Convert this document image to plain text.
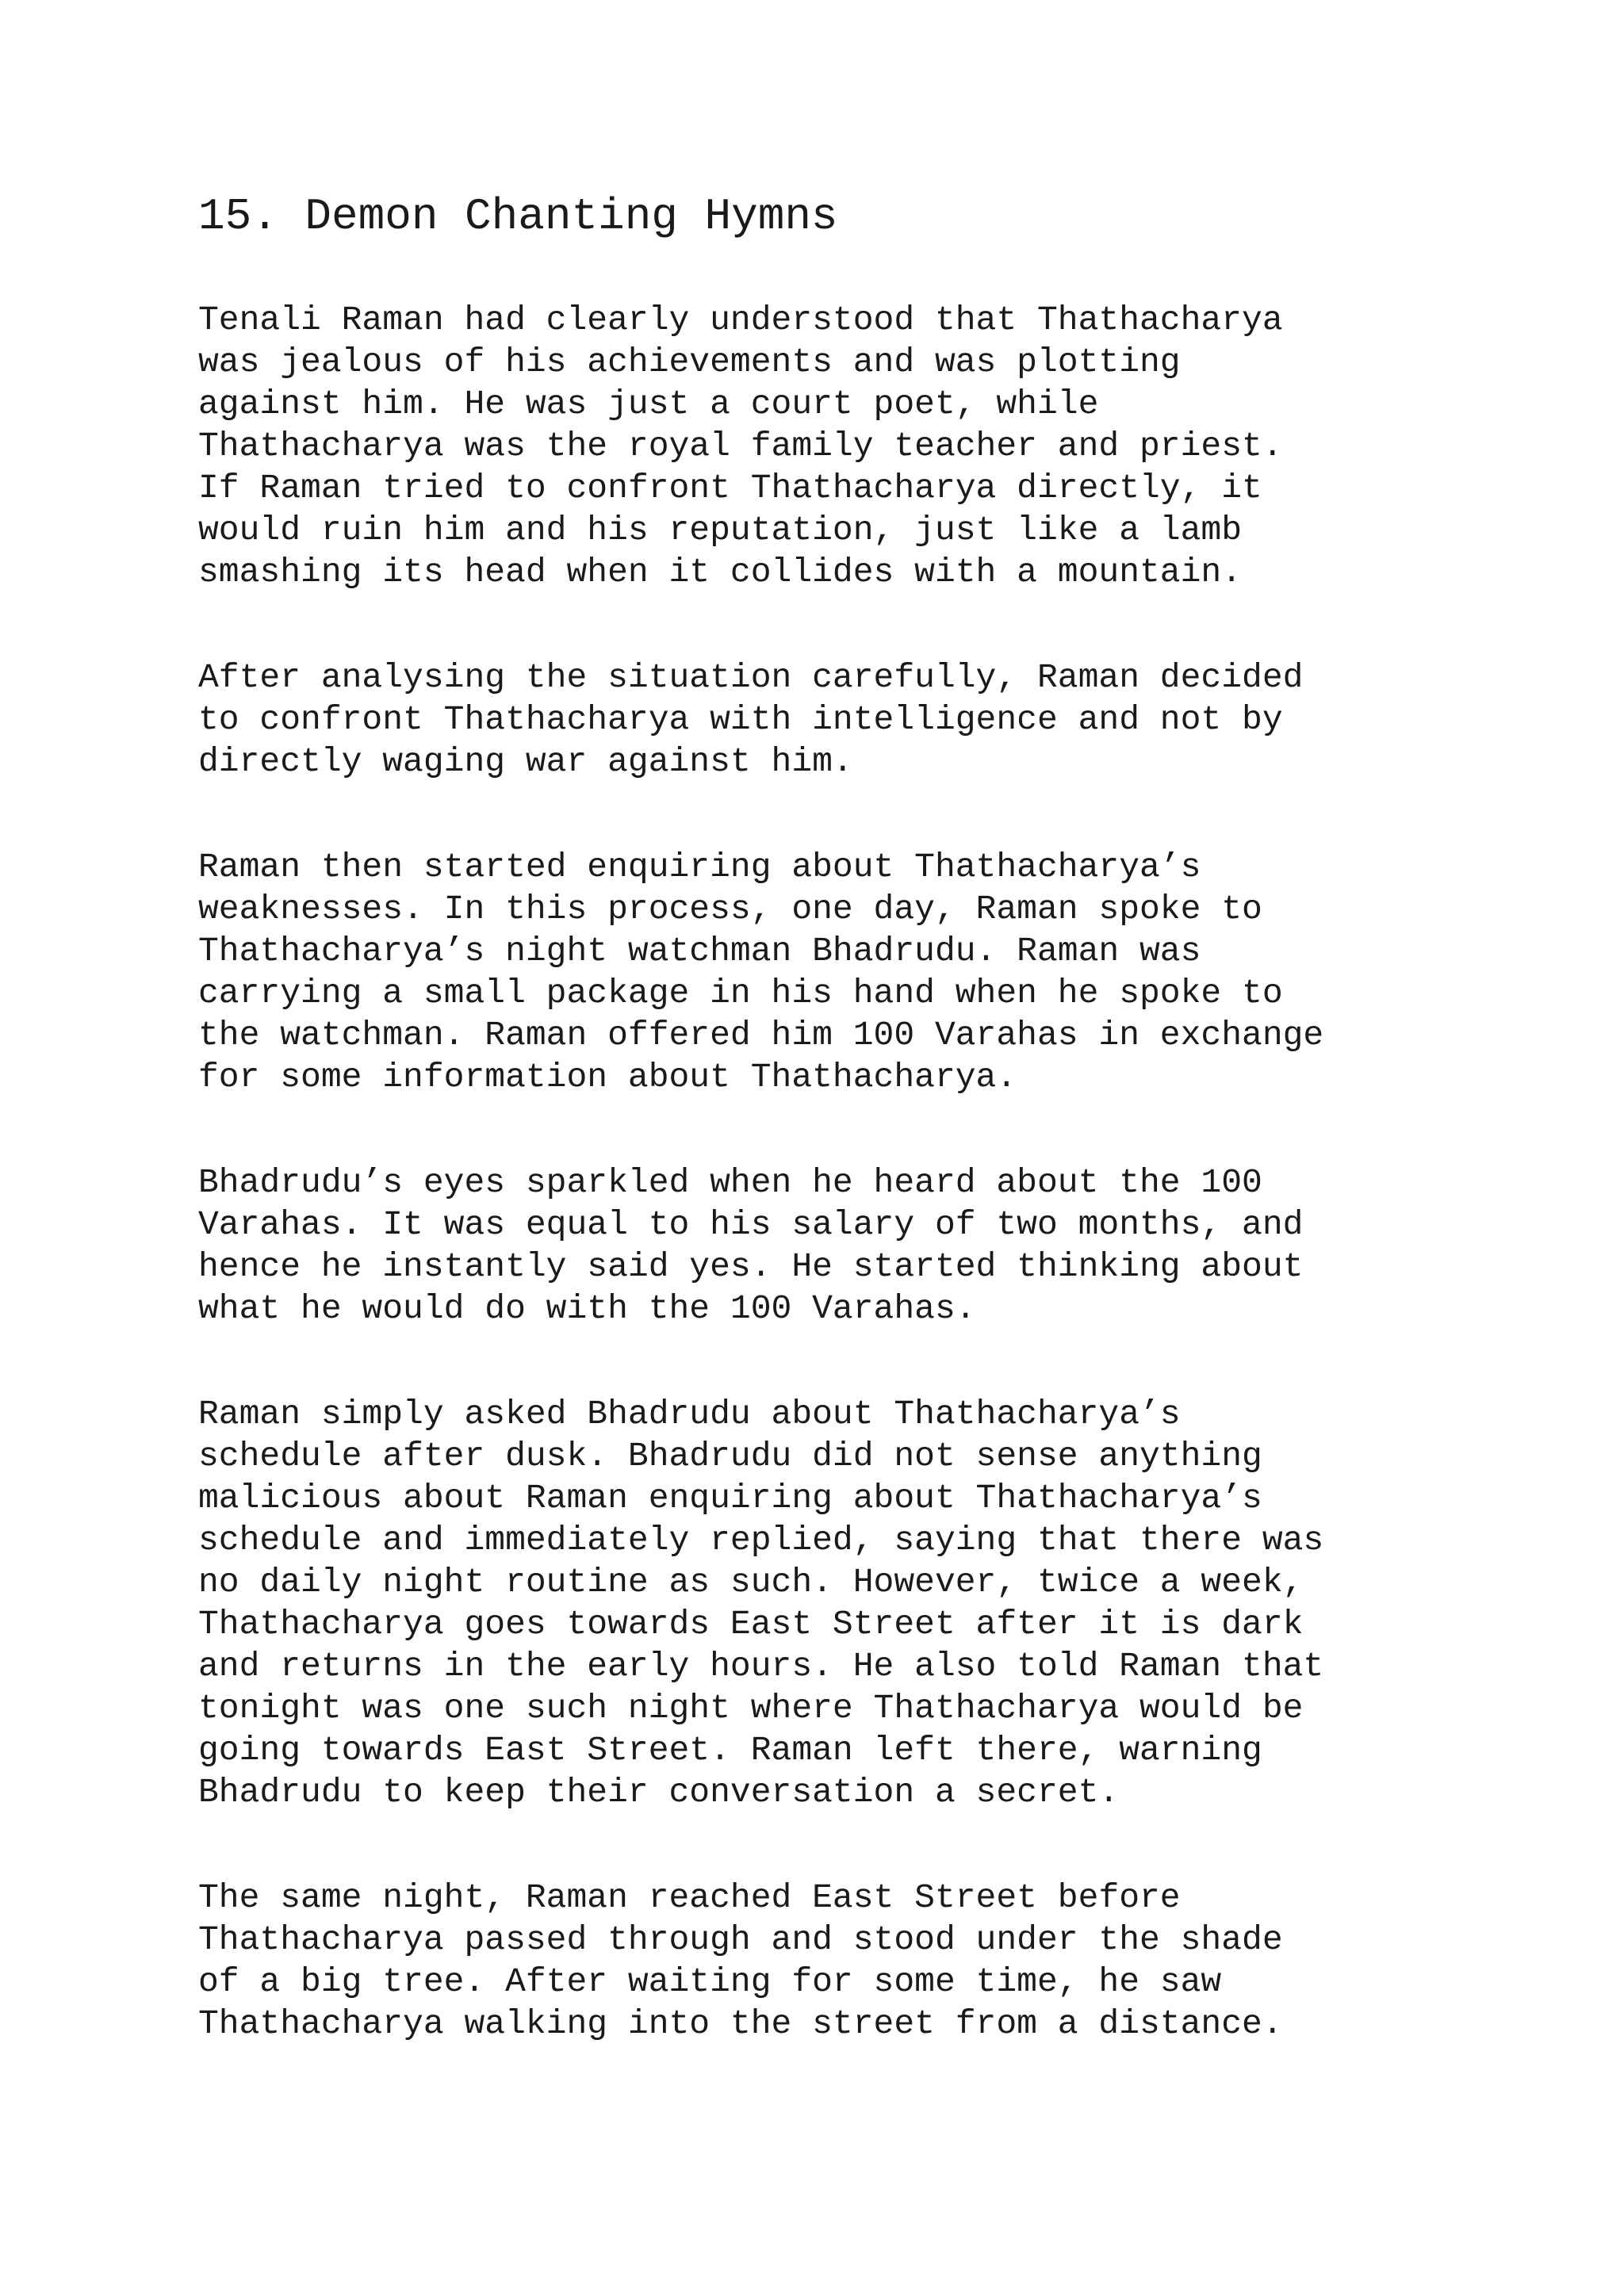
15. Demon Chanting Hymns

Tenali Raman had clearly understood that Thathacharya
was jealous of his achievements and was plotting
against him. He was just a court poet, while
Thathacharya was the royal family teacher and priest.
If Raman tried to confront Thathacharya directly, it
would ruin him and his reputation, just like a lamb
smashing its head when it collides with a mountain.

After analysing the situation carefully, Raman decided
to confront Thathacharya with intelligence and not by
directly waging war against him.

Raman then started enquiring about Thathacharya’s
weaknesses. In this process, one day, Raman spoke to
Thathacharya’s night watchman Bhadrudu. Raman was
carrying a small package in his hand when he spoke to
the watchman. Raman offered him 100 Varahas in exchange
for some information about Thathacharya.

Bhadrudu’s eyes sparkled when he heard about the 100
Varahas. It was equal to his salary of two months, and
hence he instantly said yes. He started thinking about
what he would do with the 100 Varahas.

Raman simply asked Bhadrudu about Thathacharya’s
schedule after dusk. Bhadrudu did not sense anything
malicious about Raman enquiring about Thathacharya’s
schedule and immediately replied, saying that there was
no daily night routine as such. However, twice a week,
Thathacharya goes towards East Street after it is dark
and returns in the early hours. He also told Raman that
tonight was one such night where Thathacharya would be
going towards East Street. Raman left there, warning
Bhadrudu to keep their conversation a secret.

The same night, Raman reached East Street before
Thathacharya passed through and stood under the shade
of a big tree. After waiting for some time, he saw
Thathacharya walking into the street from a distance.
